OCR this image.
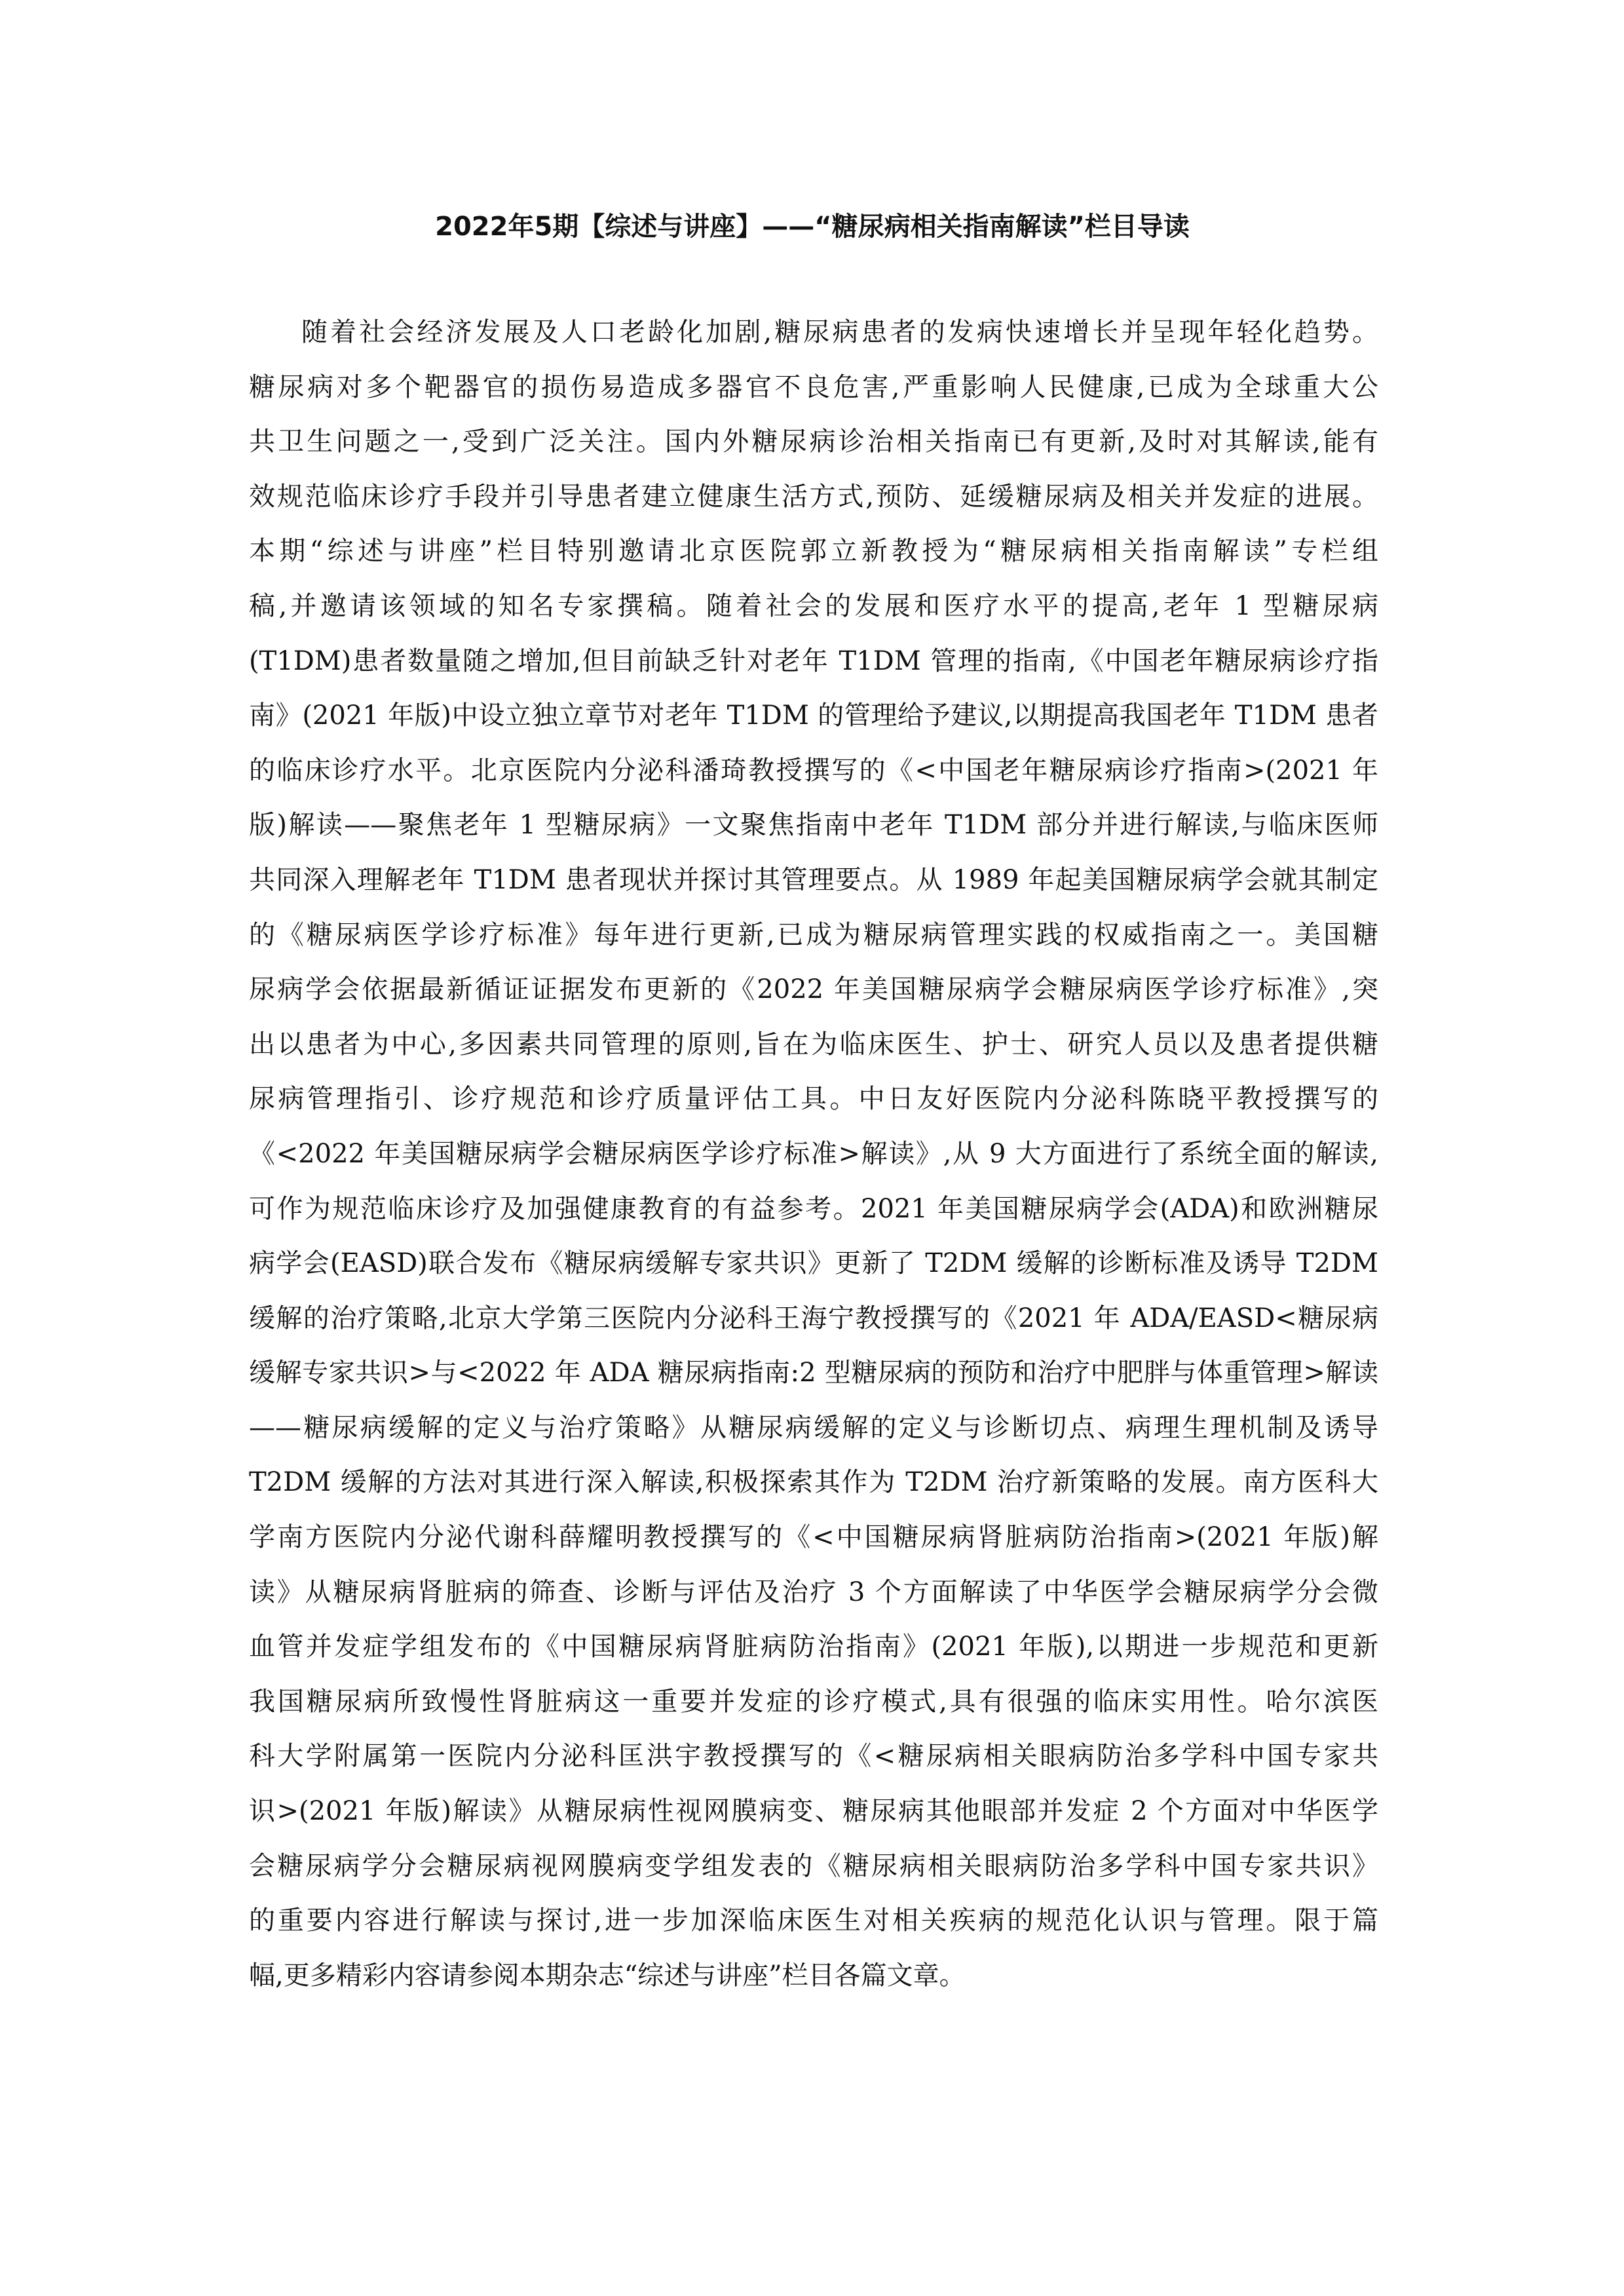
2022年5期【综述与讲座】——“糖尿病相关指南解读”栏目导读
随着社会经济发展及人口老龄化加剧,糖尿病患者的发病快速增长并呈现年轻化趋势。
糖尿病对多个靶器官的损伤易造成多器官不良危害,严重影响人民健康,已成为全球重大公
共卫生问题之一,受到广泛关注。国内外糖尿病诊治相关指南已有更新,及时对其解读,能有
效规范临床诊疗手段并引导患者建立健康生活方式,预防、延缓糖尿病及相关并发症的进展。
本期“综述与讲座”栏目特别邀请北京医院郭立新教授为“糖尿病相关指南解读”专栏组
稿,并邀请该领域的知名专家撰稿。随着社会的发展和医疗水平的提高,老年 1 型糖尿病
(T1DM)患者数量随之增加,但目前缺乏针对老年 T1DM 管理的指南,《中国老年糖尿病诊疗指
南》(2021 年版)中设立独立章节对老年 T1DM 的管理给予建议,以期提高我国老年 T1DM 患者
的临床诊疗水平。北京医院内分泌科潘琦教授撰写的《<中国老年糖尿病诊疗指南>(2021 年
版)解读——聚焦老年 1 型糖尿病》一文聚焦指南中老年 T1DM 部分并进行解读,与临床医师
共同深入理解老年 T1DM 患者现状并探讨其管理要点。从 1989 年起美国糖尿病学会就其制定
的《糖尿病医学诊疗标准》每年进行更新,已成为糖尿病管理实践的权威指南之一。美国糖
尿病学会依据最新循证证据发布更新的《2022 年美国糖尿病学会糖尿病医学诊疗标准》,突
出以患者为中心,多因素共同管理的原则,旨在为临床医生、护士、研究人员以及患者提供糖
尿病管理指引、诊疗规范和诊疗质量评估工具。中日友好医院内分泌科陈晓平教授撰写的
《<2022 年美国糖尿病学会糖尿病医学诊疗标准>解读》,从 9 大方面进行了系统全面的解读,
可作为规范临床诊疗及加强健康教育的有益参考。2021 年美国糖尿病学会(ADA)和欧洲糖尿
病学会(EASD)联合发布《糖尿病缓解专家共识》更新了 T2DM 缓解的诊断标准及诱导 T2DM
缓解的治疗策略,北京大学第三医院内分泌科王海宁教授撰写的《2021 年 ADA/EASD<糖尿病
缓解专家共识>与<2022 年 ADA 糖尿病指南:2 型糖尿病的预防和治疗中肥胖与体重管理>解读
——糖尿病缓解的定义与治疗策略》从糖尿病缓解的定义与诊断切点、病理生理机制及诱导
T2DM 缓解的方法对其进行深入解读,积极探索其作为 T2DM 治疗新策略的发展。南方医科大
学南方医院内分泌代谢科薛耀明教授撰写的《<中国糖尿病肾脏病防治指南>(2021 年版)解
读》从糖尿病肾脏病的筛查、诊断与评估及治疗 3 个方面解读了中华医学会糖尿病学分会微
血管并发症学组发布的《中国糖尿病肾脏病防治指南》(2021 年版),以期进一步规范和更新
我国糖尿病所致慢性肾脏病这一重要并发症的诊疗模式,具有很强的临床实用性。哈尔滨医
科大学附属第一医院内分泌科匡洪宇教授撰写的《<糖尿病相关眼病防治多学科中国专家共
识>(2021 年版)解读》从糖尿病性视网膜病变、糖尿病其他眼部并发症 2 个方面对中华医学
会糖尿病学分会糖尿病视网膜病变学组发表的《糖尿病相关眼病防治多学科中国专家共识》
的重要内容进行解读与探讨,进一步加深临床医生对相关疾病的规范化认识与管理。限于篇
幅,更多精彩内容请参阅本期杂志“综述与讲座”栏目各篇文章。
